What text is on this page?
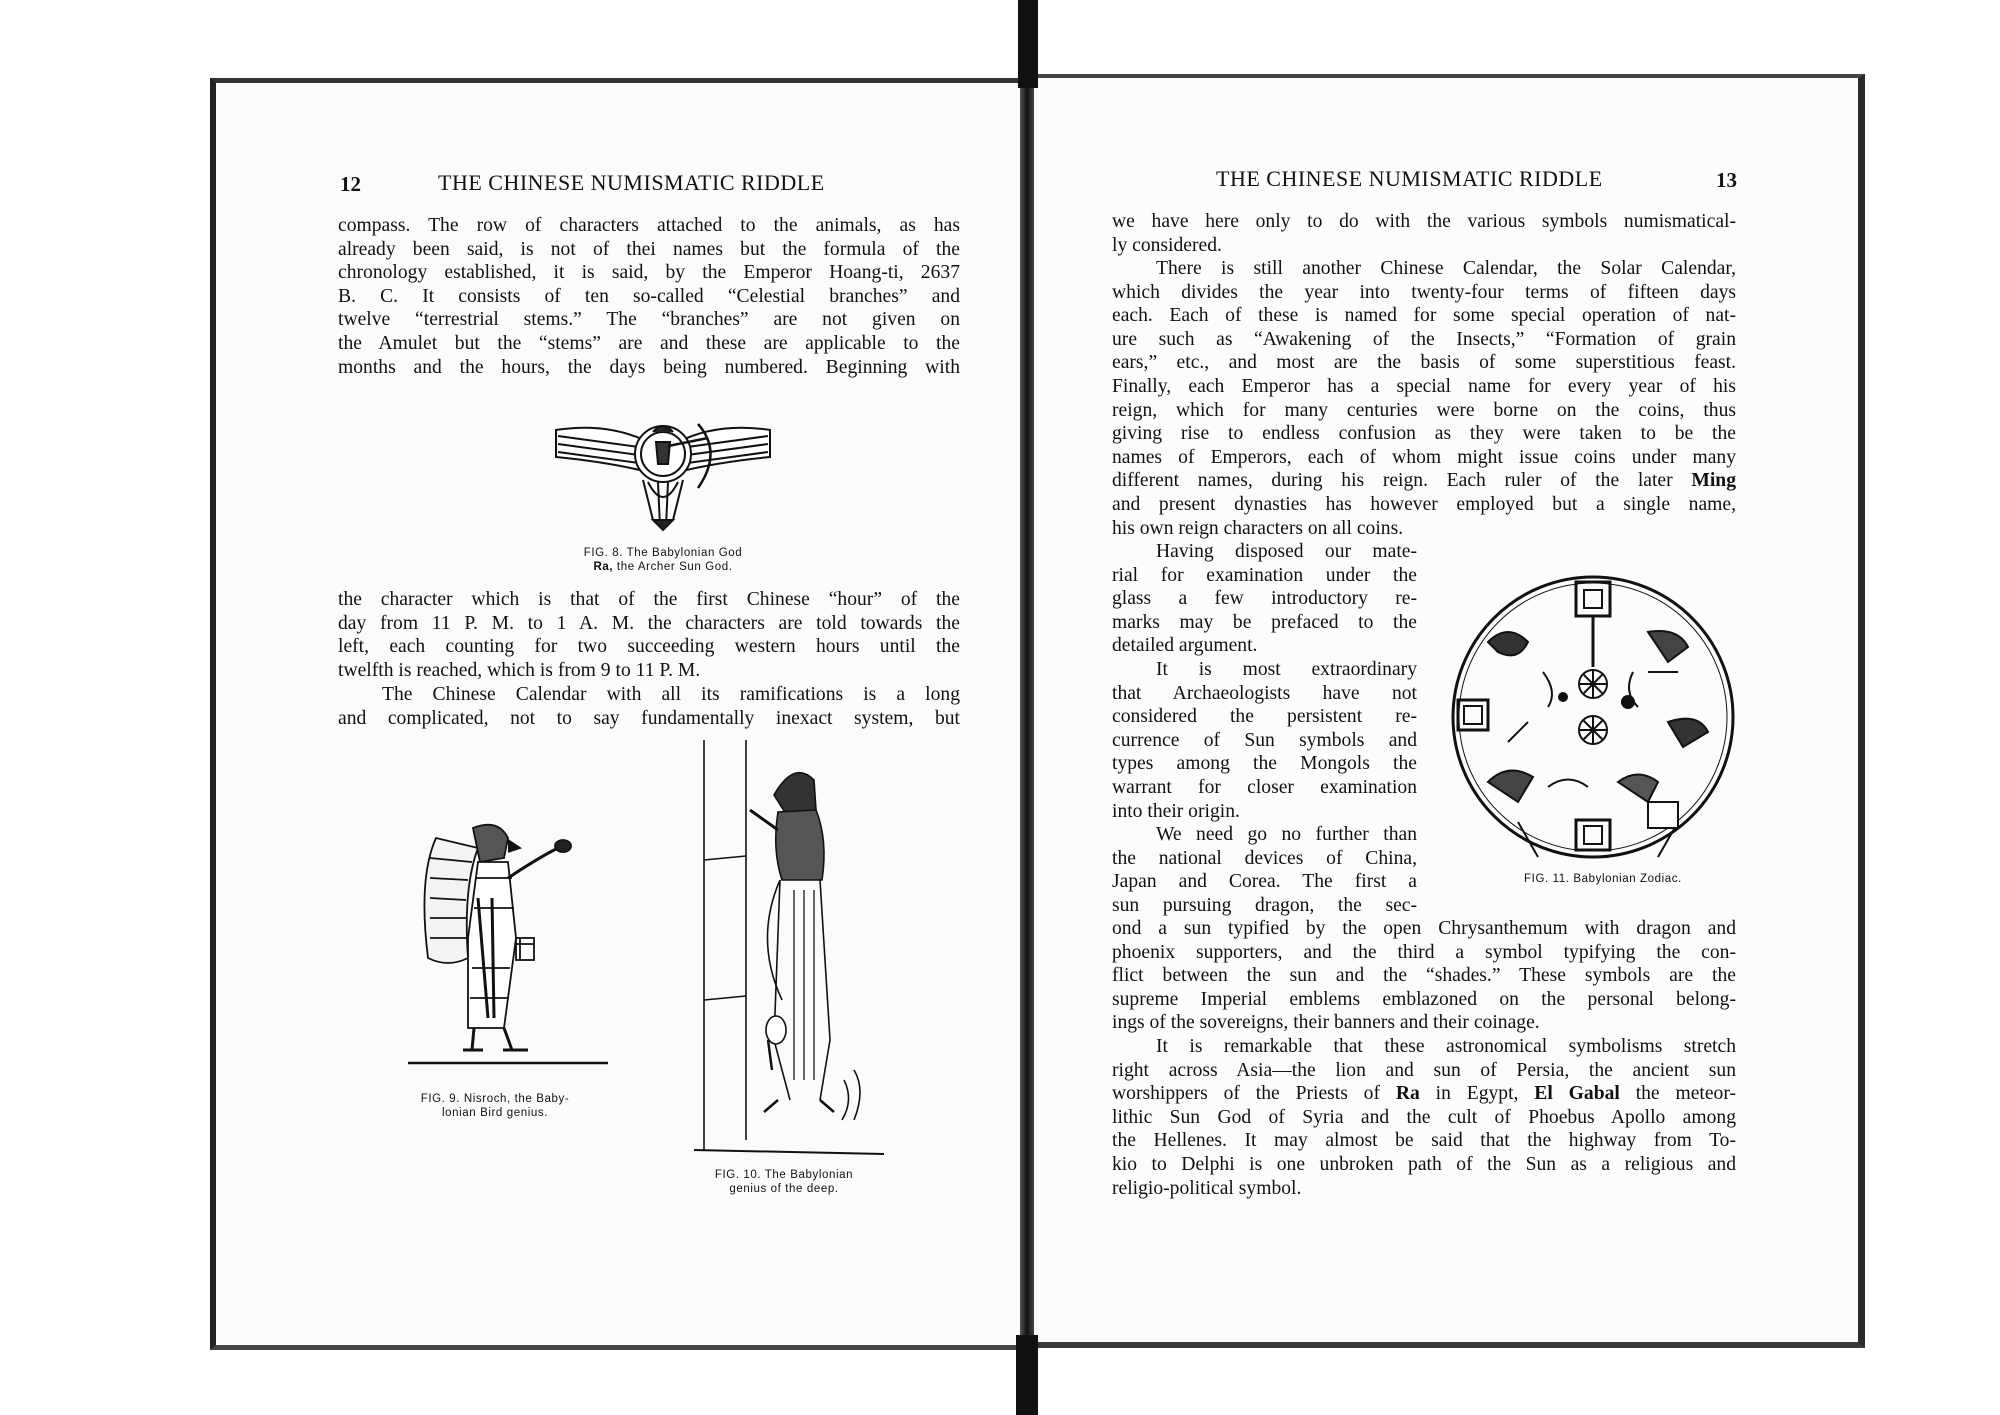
12	THE CHINESE NUMISMATIC RIDDLE
compass. The row of characters attached to the animals, as has
already been said, is not of thei names but the formula of the
chronology established, it is said, by the Emperor Hoang-ti, 2637
B. C. It consists of ten so-called “Celestial branches” and
twelve “terrestrial stems.” The “branches” are not given on
the Amulet but the “stems” are and these are applicable to the
months and the hours, the days being numbered. Beginning with
FIG. 8. The Babylonian God
Ra, the Archer Sun God.
the character which is that of the first Chinese “hour” of the
day from 11 P. M. to 1 A. M. the characters are told towards the
left, each counting for two succeeding western hours until the
twelfth is reached, which is from 9 to 11 P. M.
The Chinese Calendar with all its ramifications is a long
and complicated, not to say fundamentally inexact system, but
FIG. 9. Nisroch, the Baby-
lonian Bird genius.
FIG. 10. The Babylonian
genius of the deep.
THE CHINESE NUMISMATIC RIDDLE	13
we have here only to do with the various symbols numismatical-
ly considered.
There is still another Chinese Calendar, the Solar Calendar,
which divides the year into twenty-four terms of fifteen days
each. Each of these is named for some special operation of nat-
ure such as “Awakening of the Insects,” “Formation of grain
ears,” etc., and most are the basis of some superstitious feast.
Finally, each Emperor has a special name for every year of his
reign, which for many centuries were borne on the coins, thus
giving rise to endless confusion as they were taken to be the
names of Emperors, each of whom might issue coins under many
different names, during his reign. Each ruler of the later Ming
and present dynasties has however employed but a single name,
his own reign characters on all coins.
Having disposed our mate-
rial for examination under the
glass a few introductory re-
marks may be prefaced to the
detailed argument.
It is most extraordinary
that Archaeologists have not
considered the persistent re-
currence of Sun symbols and
types among the Mongols the
warrant for closer examination
into their origin.
We need go no further than
the national devices of China,
Japan and Corea. The first a
sun pursuing dragon, the sec-
ond a sun typified by the open Chrysanthemum with dragon and
phoenix supporters, and the third a symbol typifying the con-
flict between the sun and the “shades.” These symbols are the
supreme Imperial emblems emblazoned on the personal belong-
ings of the sovereigns, their banners and their coinage.
It is remarkable that these astronomical symbolisms stretch
right across Asia—the lion and sun of Persia, the ancient sun
worshippers of the Priests of Ra in Egypt, El Gabal the meteor-
lithic Sun God of Syria and the cult of Phoebus Apollo among
the Hellenes. It may almost be said that the highway from To-
kio to Delphi is one unbroken path of the Sun as a religious and
religio-political symbol.
FIG. 11. Babylonian Zodiac.
